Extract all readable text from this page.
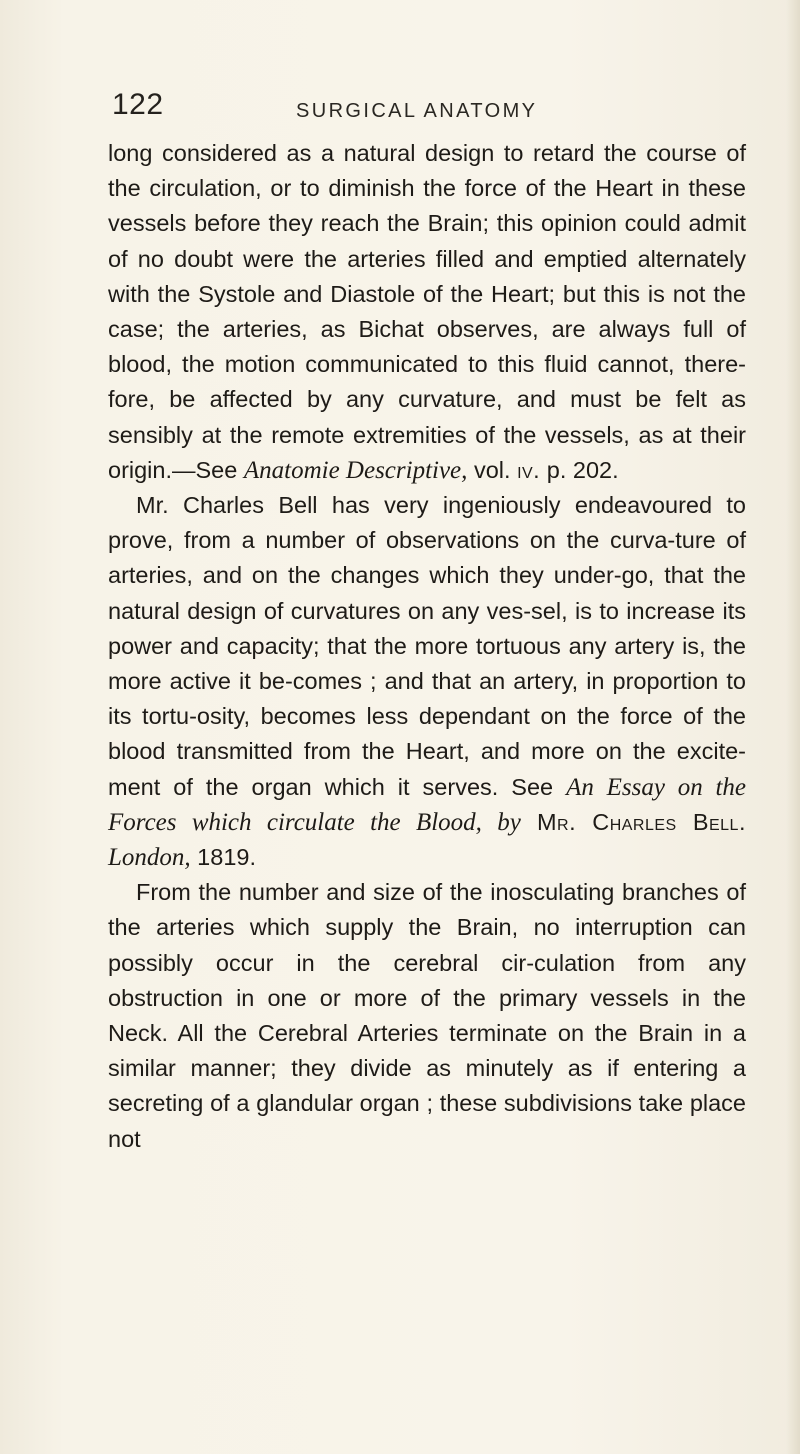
122	SURGICAL ANATOMY

long considered as a natural design to retard the course of the circulation, or to diminish the force of the Heart in these vessels before they reach the Brain; this opinion could admit of no doubt were the arteries filled and emptied alternately with the Systole and Diastole of the Heart; but this is not the case; the arteries, as Bichat observes, are always full of blood, the motion communicated to this fluid cannot, there-fore, be affected by any curvature, and must be felt as sensibly at the remote extremities of the vessels, as at their origin.—See Anatomie Descriptive, vol. iv. p. 202.

Mr. Charles Bell has very ingeniously endeavoured to prove, from a number of observations on the curva-ture of arteries, and on the changes which they under-go, that the natural design of curvatures on any ves-sel, is to increase its power and capacity; that the more tortuous any artery is, the more active it be-comes ; and that an artery, in proportion to its tortu-osity, becomes less dependant on the force of the blood transmitted from the Heart, and more on the excite-ment of the organ which it serves. See An Essay on the Forces which circulate the Blood, by Mr. Charles Bell. London, 1819.

From the number and size of the inosculating branches of the arteries which supply the Brain, no interruption can possibly occur in the cerebral cir-culation from any obstruction in one or more of the primary vessels in the Neck. All the Cerebral Arteries terminate on the Brain in a similar manner; they divide as minutely as if entering a secreting of a glandular organ ; these subdivisions take place not
